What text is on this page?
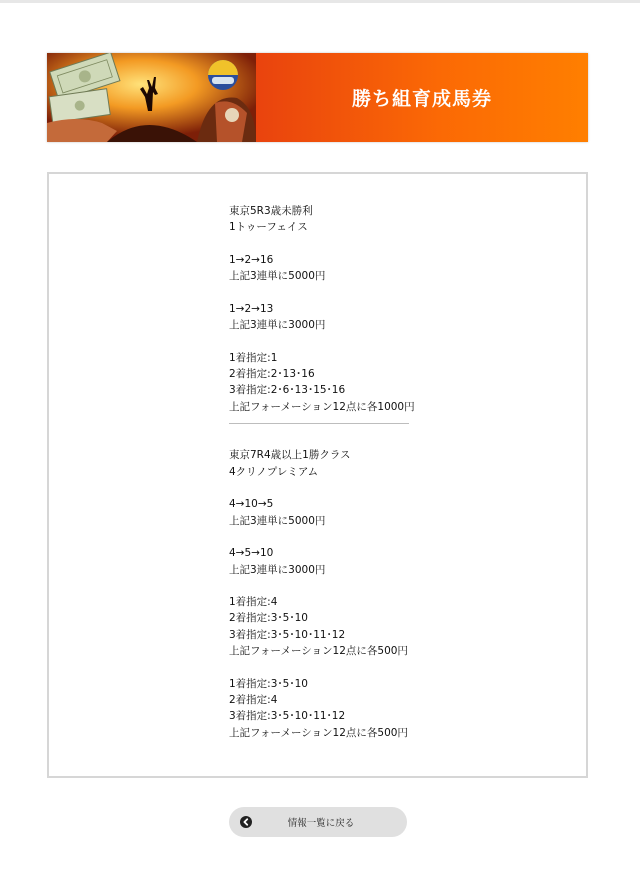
勝ち組育成馬券
東京5R3歳未勝利
1トゥーフェイス
1→2→16
上記3連単に5000円
1→2→13
上記3連単に3000円
1着指定:1
2着指定:2･13･16
3着指定:2･6･13･15･16
上記フォーメーション12点に各1000円
東京7R4歳以上1勝クラス
4クリノプレミアム
4→10→5
上記3連単に5000円
4→5→10
上記3連単に3000円
1着指定:4
2着指定:3･5･10
3着指定:3･5･10･11･12
上記フォーメーション12点に各500円
1着指定:3･5･10
2着指定:4
3着指定:3･5･10･11･12
上記フォーメーション12点に各500円
情報一覧に戻る
